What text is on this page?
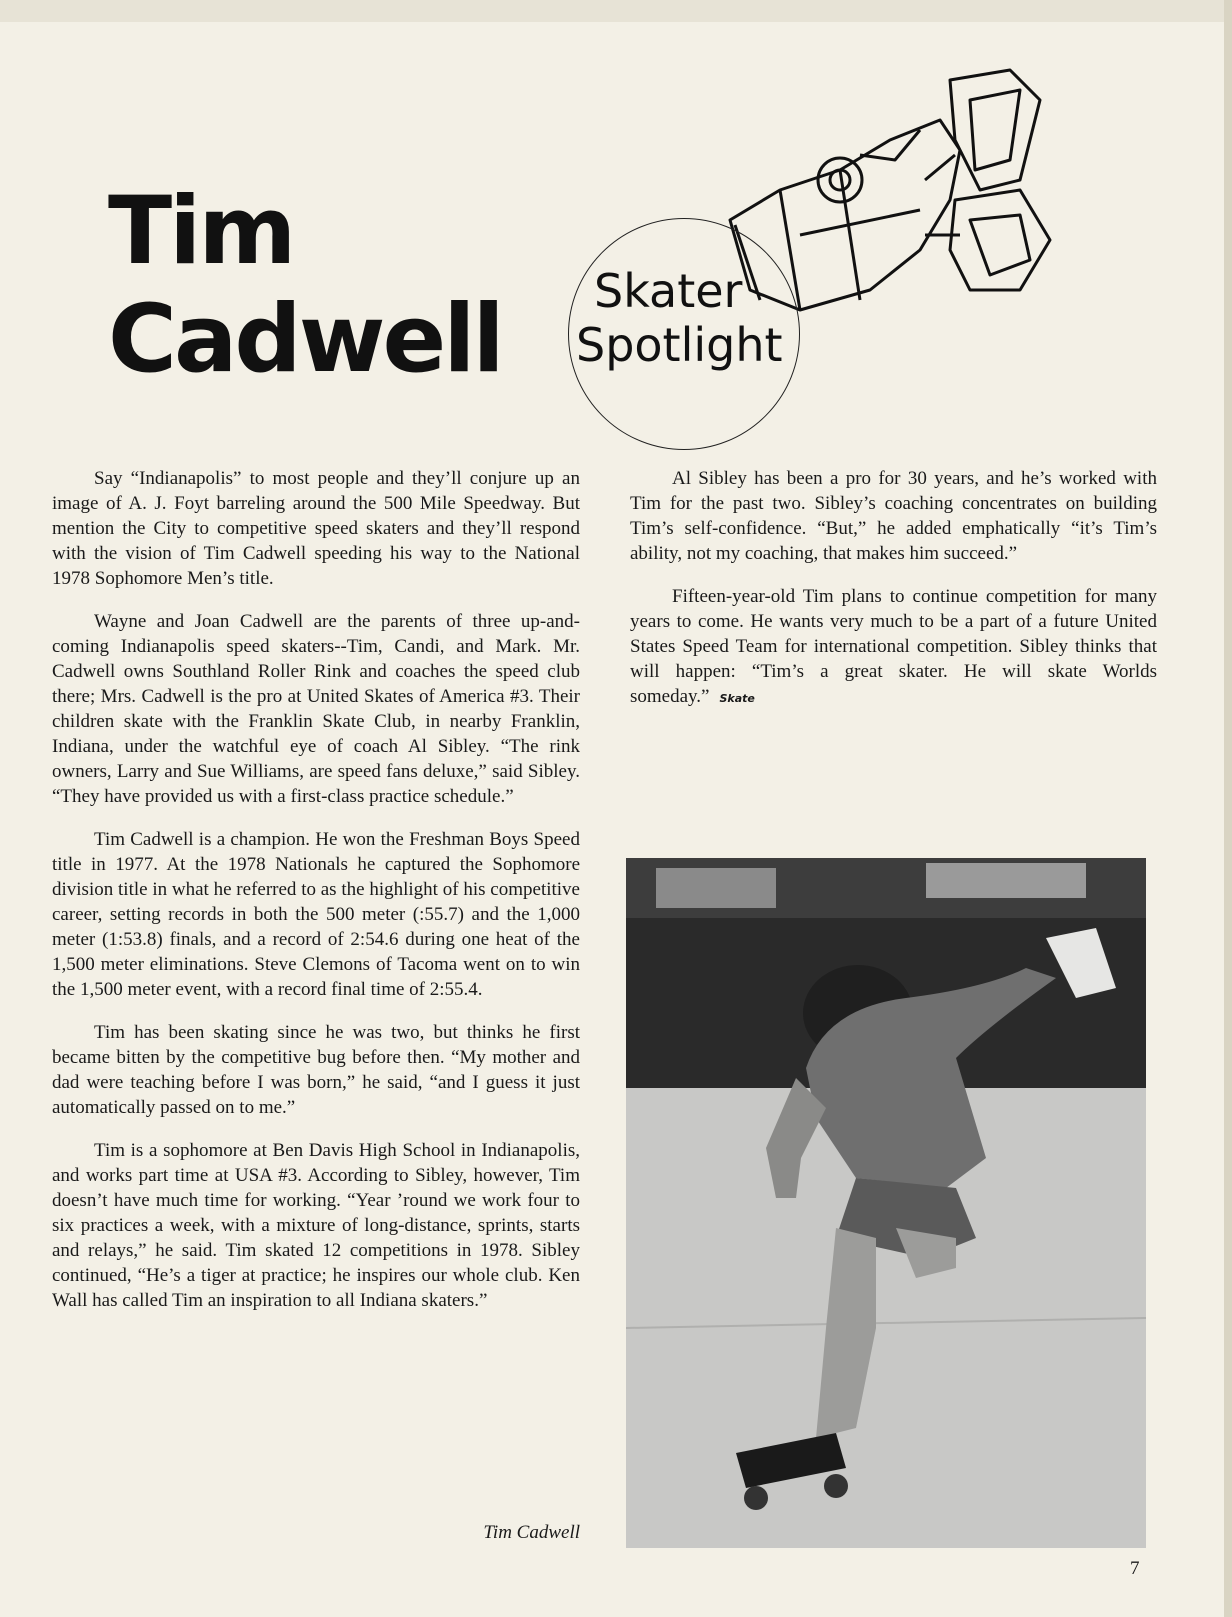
Tim
Cadwell	Skater
Spotlight

Say “Indianapolis” to most people and they’ll conjure up an image of A. J. Foyt barreling around the 500 Mile Speedway. But mention the City to competitive speed skaters and they’ll respond with the vision of Tim Cadwell speeding his way to the National 1978 Sophomore Men’s title.

Wayne and Joan Cadwell are the parents of three up-and-coming Indianapolis speed skaters--Tim, Candi, and Mark. Mr. Cadwell owns Southland Roller Rink and coaches the speed club there; Mrs. Cadwell is the pro at United Skates of America #3. Their children skate with the Franklin Skate Club, in nearby Franklin, Indiana, under the watchful eye of coach Al Sibley. “The rink owners, Larry and Sue Williams, are speed fans deluxe,” said Sibley. “They have provided us with a first-class practice schedule.”

Tim Cadwell is a champion. He won the Freshman Boys Speed title in 1977. At the 1978 Nationals he captured the Sophomore division title in what he referred to as the highlight of his competitive career, setting records in both the 500 meter (:55.7) and the 1,000 meter (1:53.8) finals, and a record of 2:54.6 during one heat of the 1,500 meter eliminations. Steve Clemons of Tacoma went on to win the 1,500 meter event, with a record final time of 2:55.4.

Tim has been skating since he was two, but thinks he first became bitten by the competitive bug before then. “My mother and dad were teaching before I was born,” he said, “and I guess it just automatically passed on to me.”

Tim is a sophomore at Ben Davis High School in Indianapolis, and works part time at USA #3. According to Sibley, however, Tim doesn’t have much time for working. “Year ’round we work four to six practices a week, with a mixture of long-distance, sprints, starts and relays,” he said. Tim skated 12 competitions in 1978. Sibley continued, “He’s a tiger at practice; he inspires our whole club. Ken Wall has called Tim an inspiration to all Indiana skaters.”

Al Sibley has been a pro for 30 years, and he’s worked with Tim for the past two. Sibley’s coaching concentrates on building Tim’s self-confidence. “But,” he added emphatically “it’s Tim’s ability, not my coaching, that makes him succeed.”

Fifteen-year-old Tim plans to continue competition for many years to come. He wants very much to be a part of a future United States Speed Team for international competition. Sibley thinks that will happen: “Tim’s a great skater. He will skate Worlds someday.” Skate

Tim Cadwell
7
